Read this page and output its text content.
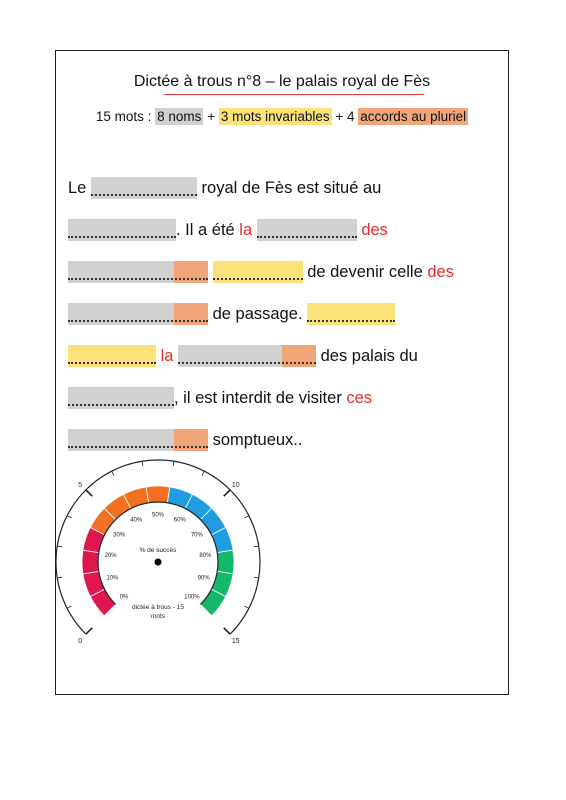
Dictée à trous n°8 – le palais royal de Fès
15 mots : 8 noms + 3 mots invariables + 4 accords au pluriel
Le	royal de Fès est situé au
. Il a été la	des

de devenir celle des
de passage.
la	des palais du
, il est interdit de visiter ces
somptueux..
0
5	10
15
0%
10%
20%
30%
40%
50%
60%
70%
80%
90%
100%
% de succès
dictée à trous - 15
mots
